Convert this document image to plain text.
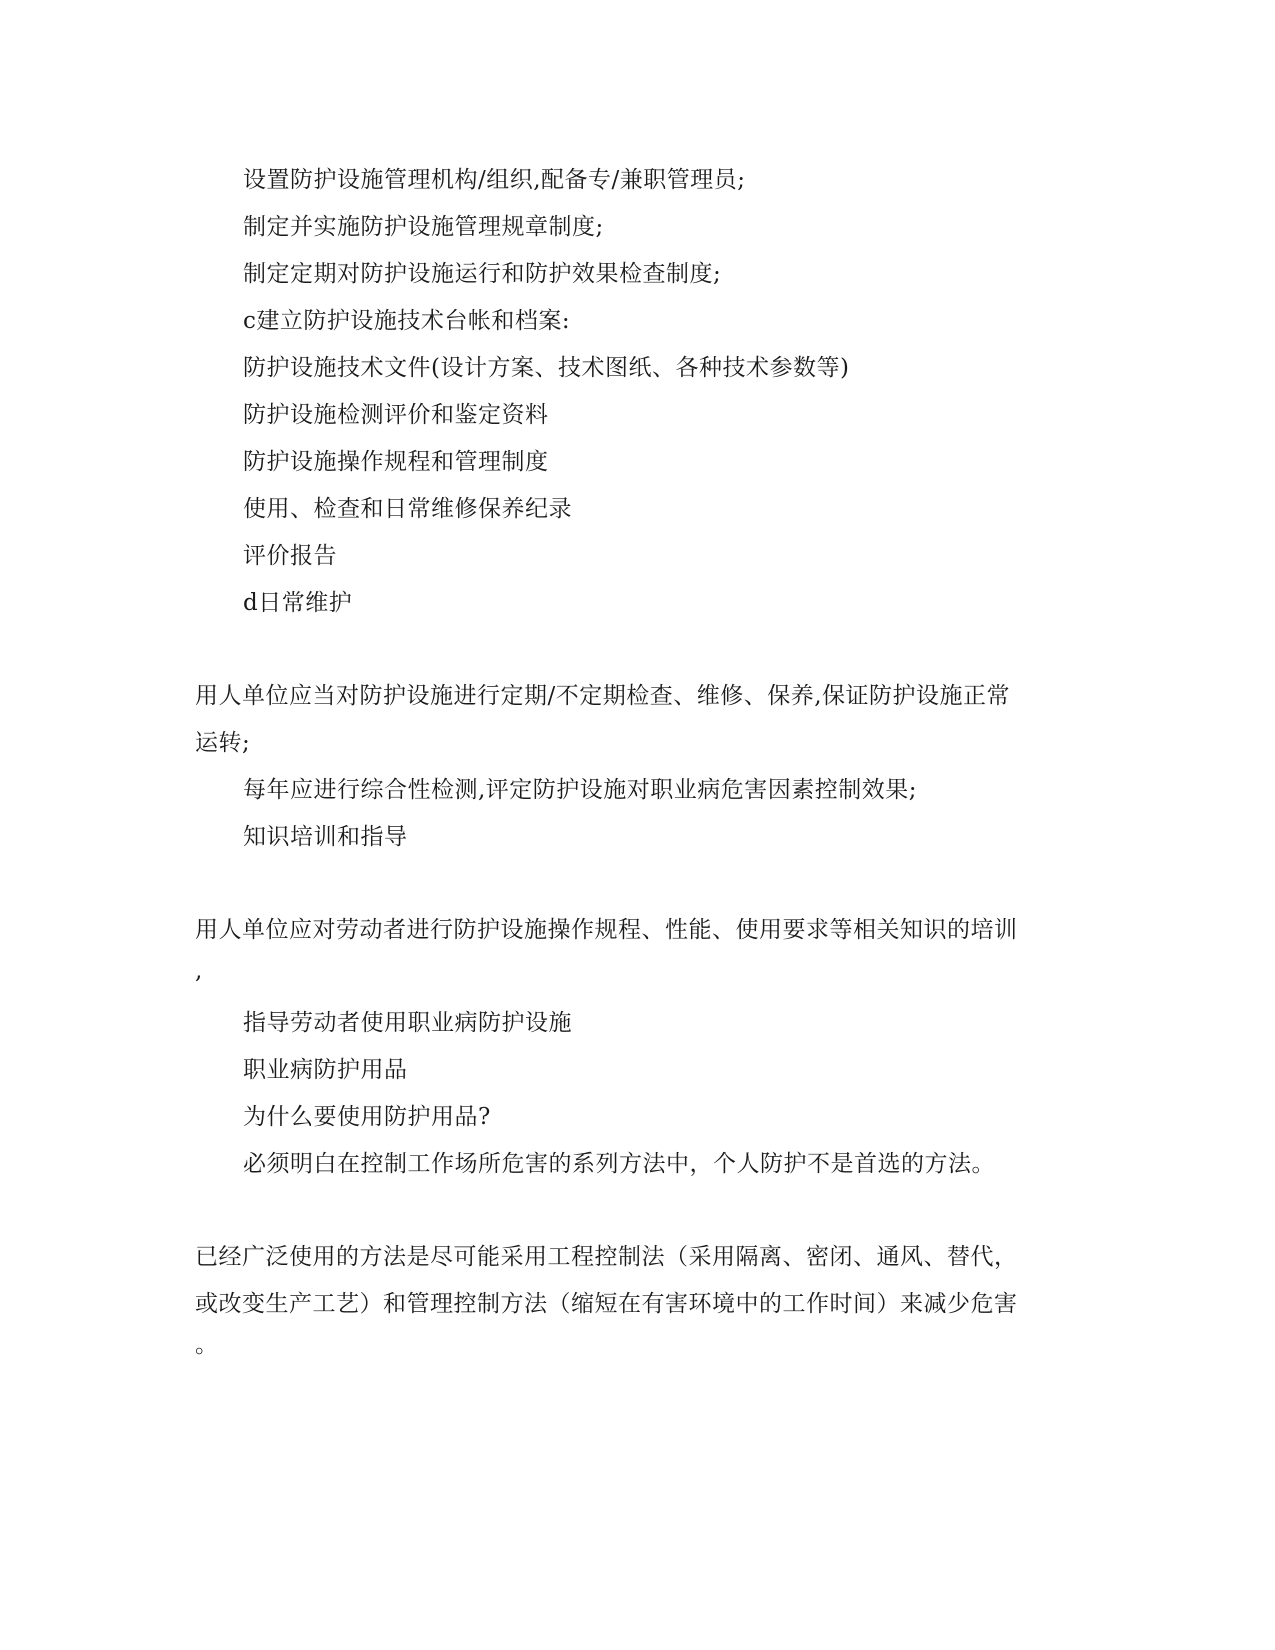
设置防护设施管理机构/组织,配备专/兼职管理员;
制定并实施防护设施管理规章制度;
制定定期对防护设施运行和防护效果检查制度;
c建立防护设施技术台帐和档案:
防护设施技术文件(设计方案、技术图纸、各种技术参数等)
防护设施检测评价和鉴定资料
防护设施操作规程和管理制度
使用、检查和日常维修保养纪录
评价报告
d日常维护
用人单位应当对防护设施进行定期/不定期检查、维修、保养,保证防护设施正常
运转;
每年应进行综合性检测,评定防护设施对职业病危害因素控制效果;
知识培训和指导
用人单位应对劳动者进行防护设施操作规程、性能、使用要求等相关知识的培训
,
指导劳动者使用职业病防护设施
职业病防护用品
为什么要使用防护用品?
必须明白在控制工作场所危害的系列方法中，个人防护不是首选的方法。
已经广泛使用的方法是尽可能采用工程控制法（采用隔离、密闭、通风、替代，
或改变生产工艺）和管理控制方法（缩短在有害环境中的工作时间）来减少危害
。
